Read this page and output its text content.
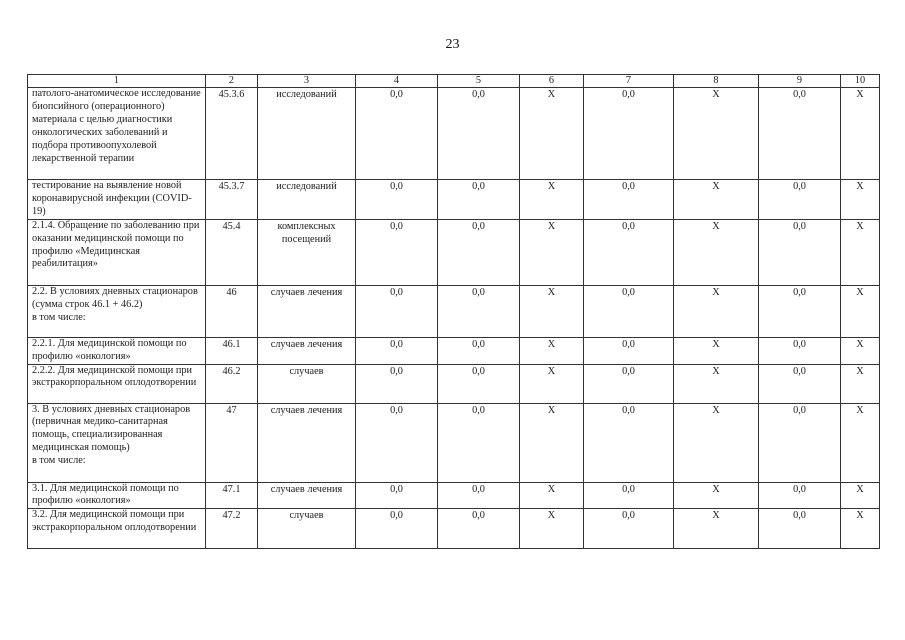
23
1	2	3	4	5	6	7	8	9	10
патолого-анатомическое исследование биопсийного (операционного) материала с целью диагностики онкологических заболеваний и подбора противоопухолевой лекарственной терапии	45.3.6	исследований	0,0	0,0	X	0,0	X	0,0	X
тестирование на выявление новой коронавирусной инфекции (COVID-19)	45.3.7	исследований	0,0	0,0	X	0,0	X	0,0	X
2.1.4. Обращение по заболеванию при оказании медицинской помощи по профилю «Медицинская реабилитация»	45.4	комплексных посещений	0,0	0,0	X	0,0	X	0,0	X
2.2. В условиях дневных стационаров (сумма строк 46.1 + 46.2)
в том числе:	46	случаев лечения	0,0	0,0	X	0,0	X	0,0	X
2.2.1. Для медицинской помощи по профилю «онкология»	46.1	случаев лечения	0,0	0,0	X	0,0	X	0,0	X
2.2.2. Для медицинской помощи при экстракорпоральном оплодотворении	46.2	случаев	0,0	0,0	X	0,0	X	0,0	X
3. В условиях дневных стационаров (первичная медико-санитарная помощь, специализированная медицинская помощь)
в том числе:	47	случаев лечения	0,0	0,0	X	0,0	X	0,0	X
3.1. Для медицинской помощи по профилю «онкология»	47.1	случаев лечения	0,0	0,0	X	0,0	X	0,0	X
3.2. Для медицинской помощи при экстракорпоральном оплодотворении	47.2	случаев	0,0	0,0	X	0,0	X	0,0	X
